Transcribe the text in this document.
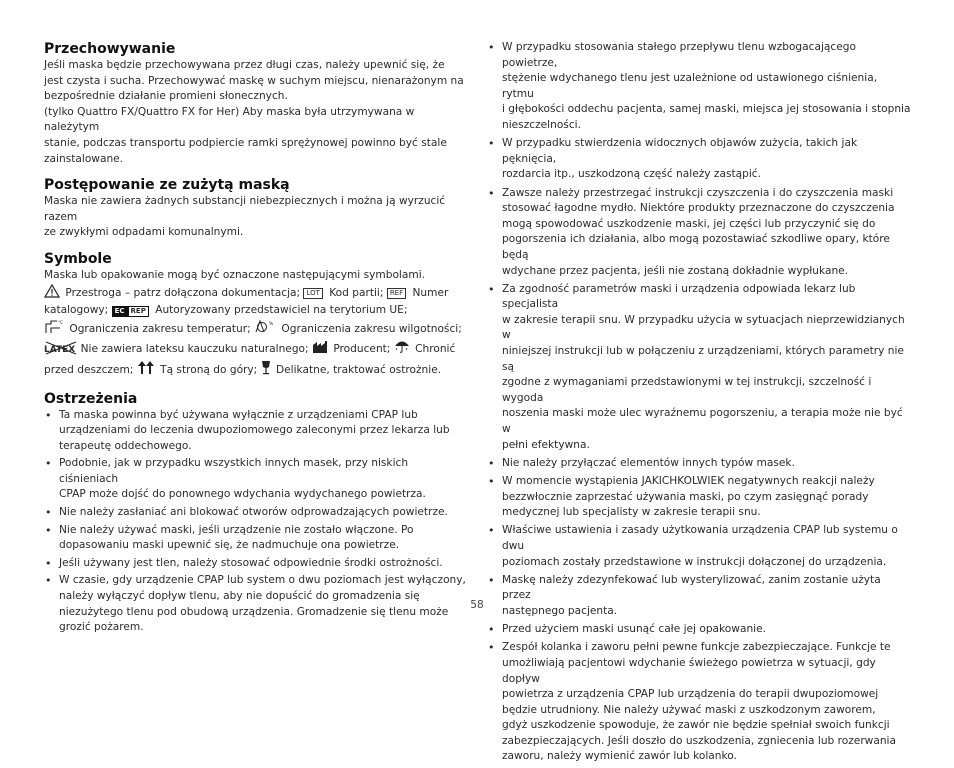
Przechowywanie

Jeśli maska będzie przechowywana przez długi czas, należy upewnić się, że
jest czysta i sucha. Przechowywać maskę w suchym miejscu, nienarażonym na
bezpośrednie działanie promieni słonecznych.
(tylko Quattro FX/Quattro FX for Her) Aby maska była utrzymywana w należytym
stanie, podczas transportu podpiercie ramki sprężynowej powinno być stale
zainstalowane.

Postępowanie ze zużytą maską

Maska nie zawiera żadnych substancji niebezpiecznych i można ją wyrzucić razem
ze zwykłymi odpadami komunalnymi.

Symbole

Maska lub opakowanie mogą być oznaczone następującymi symbolami.

Przestroga – patrz dołączona dokumentacja; LOT Kod partii; REF Numer
katalogowy; EC REP Autoryzowany przedstawiciel na terytorium UE;
°C
Ograniczenia zakresu temperatur;	% Ograniczenia zakresu wilgotności;
LATEX
Nie zawiera lateksu kauczuku naturalnego;  Producent;  Chronić
przed deszczem;  Tą stroną do góry;  Delikatne, traktować ostrożnie.
Ostrzeżenia
• Ta maska powinna być używana wyłącznie z urządzeniami CPAP lub
urządzeniami do leczenia dwupoziomowego zaleconymi przez lekarza lub
terapeutę oddechowego.
• Podobnie, jak w przypadku wszystkich innych masek, przy niskich ciśnieniach
CPAP może dojść do ponownego wdychania wydychanego powietrza.
• Nie należy zasłaniać ani blokować otworów odprowadzających powietrze.
• Nie należy używać maski, jeśli urządzenie nie zostało włączone. Po
dopasowaniu maski upewnić się, że nadmuchuje ona powietrze.
• Jeśli używany jest tlen, należy stosować odpowiednie środki ostrożności.
• W czasie, gdy urządzenie CPAP lub system o dwu poziomach jest wyłączony,
należy wyłączyć dopływ tlenu, aby nie dopuścić do gromadzenia się
niezużytego tlenu pod obudową urządzenia. Gromadzenie się tlenu może
grozić pożarem.
• W przypadku stosowania stałego przepływu tlenu wzbogacającego powietrze,
stężenie wdychanego tlenu jest uzależnione od ustawionego ciśnienia, rytmu
i głębokości oddechu pacjenta, samej maski, miejsca jej stosowania i stopnia
nieszczelności.
• W przypadku stwierdzenia widocznych objawów zużycia, takich jak pęknięcia,
rozdarcia itp., uszkodzoną część należy zastąpić.
• Zawsze należy przestrzegać instrukcji czyszczenia i do czyszczenia maski
stosować łagodne mydło. Niektóre produkty przeznaczone do czyszczenia
mogą spowodować uszkodzenie maski, jej części lub przyczynić się do
pogorszenia ich działania, albo mogą pozostawiać szkodliwe opary, które będą
wdychane przez pacjenta, jeśli nie zostaną dokładnie wypłukane.
• Za zgodność parametrów maski i urządzenia odpowiada lekarz lub specjalista
w zakresie terapii snu. W przypadku użycia w sytuacjach nieprzewidzianych w
niniejszej instrukcji lub w połączeniu z urządzeniami, których parametry nie są
zgodne z wymaganiami przedstawionymi w tej instrukcji, szczelność i wygoda
noszenia maski może ulec wyraźnemu pogorszeniu, a terapia może nie być w
pełni efektywna.
• Nie należy przyłączać elementów innych typów masek.
• W momencie wystąpienia JAKICHKOLWIEK negatywnych reakcji należy
bezzwłocznie zaprzestać używania maski, po czym zasięgnąć porady
medycznej lub specjalisty w zakresie terapii snu.
• Właściwe ustawienia i zasady użytkowania urządzenia CPAP lub systemu o dwu
poziomach zostały przedstawione w instrukcji dołączonej do urządzenia.
• Maskę należy zdezynfekować lub wysterylizować, zanim zostanie użyta przez
następnego pacjenta.
• Przed użyciem maski usunąć całe jej opakowanie.
• Zespół kolanka i zaworu pełni pewne funkcje zabezpieczające. Funkcje te
umożliwiają pacjentowi wdychanie świeżego powietrza w sytuacji, gdy dopływ
powietrza z urządzenia CPAP lub urządzenia do terapii dwupoziomowej
będzie utrudniony. Nie należy używać maski z uszkodzonym zaworem,
gdyż uszkodzenie spowoduje, że zawór nie będzie spełniał swoich funkcji
zabezpieczających. Jeśli doszło do uszkodzenia, zgniecenia lub rozerwania
zaworu, należy wymienić zawór lub kolanko.
58
